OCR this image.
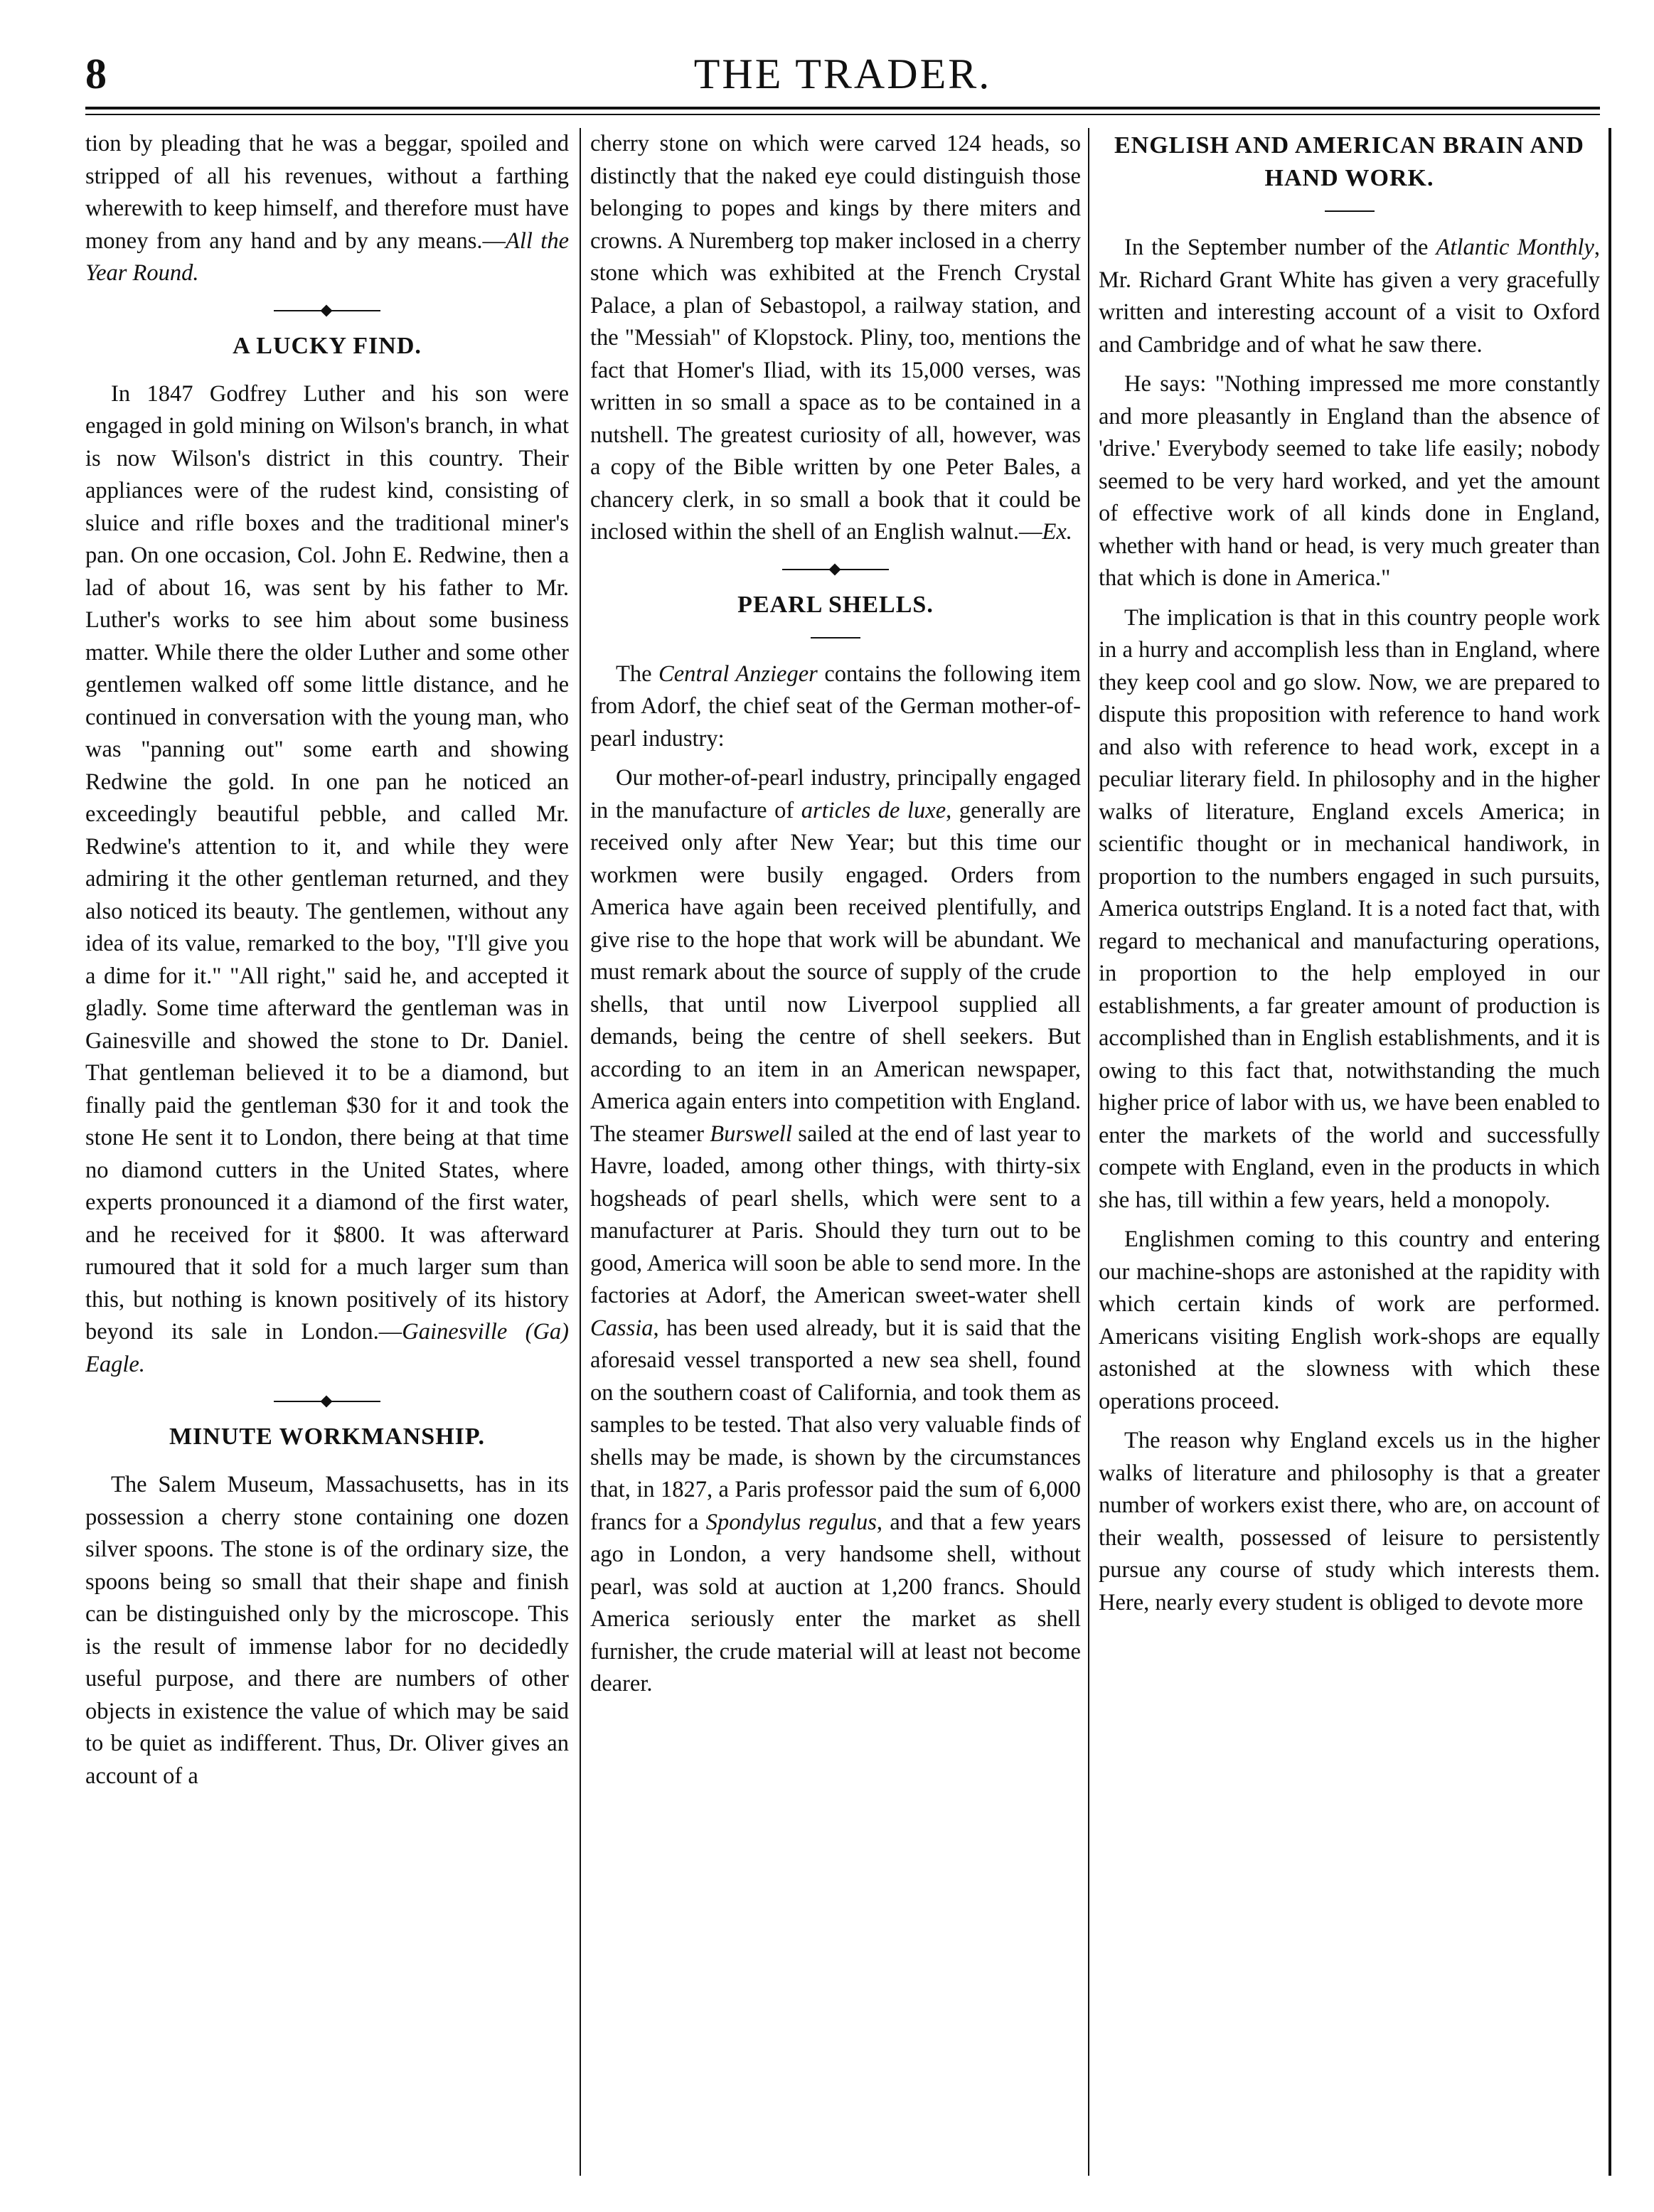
8	THE TRADER.

tion by pleading that he was a beggar, spoiled and stripped of all his revenues, without a farthing wherewith to keep himself, and therefore must have money from any hand and by any means.—All the Year Round.

A LUCKY FIND.

In 1847 Godfrey Luther and his son were engaged in gold mining on Wilson's branch, in what is now Wilson's district in this country. Their appliances were of the rudest kind, consisting of sluice and rifle boxes and the traditional miner's pan. On one occasion, Col. John E. Redwine, then a lad of about 16, was sent by his father to Mr. Luther's works to see him about some business matter. While there the older Luther and some other gentlemen walked off some little distance, and he continued in conversation with the young man, who was "panning out" some earth and showing Redwine the gold. In one pan he noticed an exceedingly beautiful pebble, and called Mr. Redwine's attention to it, and while they were admiring it the other gentleman returned, and they also noticed its beauty. The gentlemen, without any idea of its value, remarked to the boy, "I'll give you a dime for it." "All right," said he, and accepted it gladly. Some time afterward the gentleman was in Gainesville and showed the stone to Dr. Daniel. That gentleman believed it to be a diamond, but finally paid the gentleman $30 for it and took the stone He sent it to London, there being at that time no diamond cutters in the United States, where experts pronounced it a diamond of the first water, and he received for it $800. It was afterward rumoured that it sold for a much larger sum than this, but nothing is known positively of its history beyond its sale in London.—Gainesville (Ga) Eagle.

MINUTE WORKMANSHIP.

The Salem Museum, Massachusetts, has in its possession a cherry stone containing one dozen silver spoons. The stone is of the ordinary size, the spoons being so small that their shape and finish can be distinguished only by the microscope. This is the result of immense labor for no decidedly useful purpose, and there are numbers of other objects in existence the value of which may be said to be quiet as indifferent. Thus, Dr. Oliver gives an account of a

cherry stone on which were carved 124 heads, so distinctly that the naked eye could distinguish those belonging to popes and kings by there miters and crowns. A Nuremberg top maker inclosed in a cherry stone which was exhibited at the French Crystal Palace, a plan of Sebastopol, a railway station, and the "Messiah" of Klopstock. Pliny, too, mentions the fact that Homer's Iliad, with its 15,000 verses, was written in so small a space as to be contained in a nutshell. The greatest curiosity of all, however, was a copy of the Bible written by one Peter Bales, a chancery clerk, in so small a book that it could be inclosed within the shell of an English walnut.—Ex.

PEARL SHELLS.

The Central Anzieger contains the following item from Adorf, the chief seat of the German mother-of-pearl industry:

Our mother-of-pearl industry, principally engaged in the manufacture of articles de luxe, generally are received only after New Year; but this time our workmen were busily engaged. Orders from America have again been received plentifully, and give rise to the hope that work will be abundant. We must remark about the source of supply of the crude shells, that until now Liverpool supplied all demands, being the centre of shell seekers. But according to an item in an American newspaper, America again enters into competition with England. The steamer Burswell sailed at the end of last year to Havre, loaded, among other things, with thirty-six hogsheads of pearl shells, which were sent to a manufacturer at Paris. Should they turn out to be good, America will soon be able to send more. In the factories at Adorf, the American sweet-water shell Cassia, has been used already, but it is said that the aforesaid vessel transported a new sea shell, found on the southern coast of California, and took them as samples to be tested. That also very valuable finds of shells may be made, is shown by the circumstances that, in 1827, a Paris professor paid the sum of 6,000 francs for a Spondylus regulus, and that a few years ago in London, a very handsome shell, without pearl, was sold at auction at 1,200 francs. Should America seriously enter the market as shell furnisher, the crude material will at least not become dearer.

ENGLISH AND AMERICAN BRAIN AND HAND WORK.

In the September number of the Atlantic Monthly, Mr. Richard Grant White has given a very gracefully written and interesting account of a visit to Oxford and Cambridge and of what he saw there.

He says: "Nothing impressed me more constantly and more pleasantly in England than the absence of 'drive.' Everybody seemed to take life easily; nobody seemed to be very hard worked, and yet the amount of effective work of all kinds done in England, whether with hand or head, is very much greater than that which is done in America."

The implication is that in this country people work in a hurry and accomplish less than in England, where they keep cool and go slow. Now, we are prepared to dispute this proposition with reference to hand work and also with reference to head work, except in a peculiar literary field. In philosophy and in the higher walks of literature, England excels America; in scientific thought or in mechanical handiwork, in proportion to the numbers engaged in such pursuits, America outstrips England. It is a noted fact that, with regard to mechanical and manufacturing operations, in proportion to the help employed in our establishments, a far greater amount of production is accomplished than in English establishments, and it is owing to this fact that, notwithstanding the much higher price of labor with us, we have been enabled to enter the markets of the world and successfully compete with England, even in the products in which she has, till within a few years, held a monopoly.

Englishmen coming to this country and entering our machine-shops are astonished at the rapidity with which certain kinds of work are performed. Americans visiting English work-shops are equally astonished at the slowness with which these operations proceed.

The reason why England excels us in the higher walks of literature and philosophy is that a greater number of workers exist there, who are, on account of their wealth, possessed of leisure to persistently pursue any course of study which interests them. Here, nearly every student is obliged to devote more
